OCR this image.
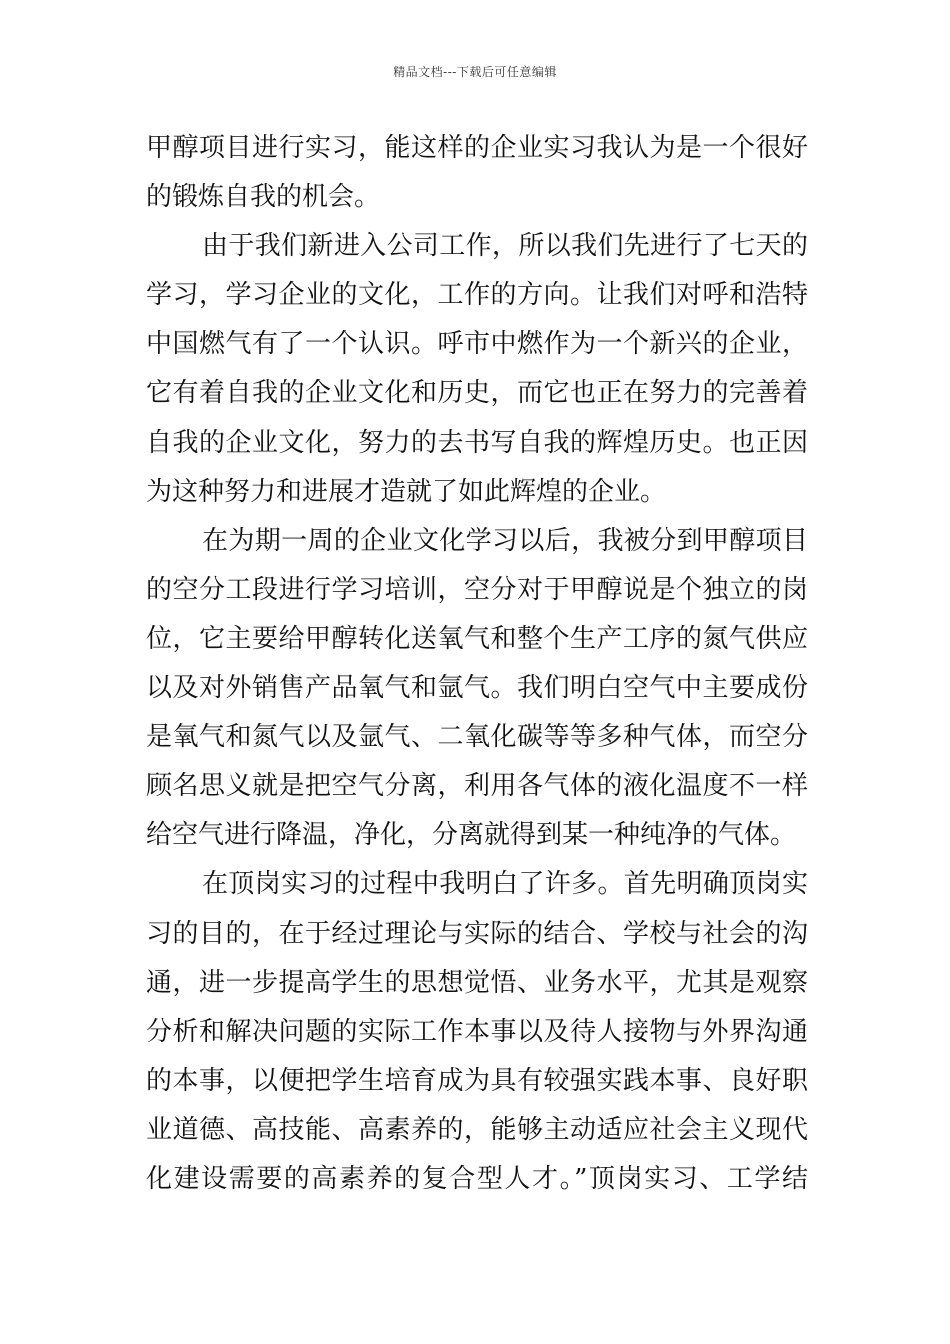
精品文档---下载后可任意编辑
甲醇项目进行实习，能这样的企业实习我认为是一个很好
的锻炼自我的机会。
由于我们新进入公司工作，所以我们先进行了七天的
学习，学习企业的文化，工作的方向。让我们对呼和浩特
中国燃气有了一个认识。呼市中燃作为一个新兴的企业，
它有着自我的企业文化和历史，而它也正在努力的完善着
自我的企业文化，努力的去书写自我的辉煌历史。也正因
为这种努力和进展才造就了如此辉煌的企业。
在为期一周的企业文化学习以后，我被分到甲醇项目
的空分工段进行学习培训，空分对于甲醇说是个独立的岗
位，它主要给甲醇转化送氧气和整个生产工序的氮气供应
以及对外销售产品氧气和氩气。我们明白空气中主要成份
是氧气和氮气以及氩气、二氧化碳等等多种气体，而空分
顾名思义就是把空气分离，利用各气体的液化温度不一样
给空气进行降温，净化，分离就得到某一种纯净的气体。
在顶岗实习的过程中我明白了许多。首先明确顶岗实
习的目的，在于经过理论与实际的结合、学校与社会的沟
通，进一步提高学生的思想觉悟、业务水平，尤其是观察
分析和解决问题的实际工作本事以及待人接物与外界沟通
的本事，以便把学生培育成为具有较强实践本事、良好职
业道德、高技能、高素养的，能够主动适应社会主义现代
化建设需要的高素养的复合型人才。”顶岗实习、工学结
